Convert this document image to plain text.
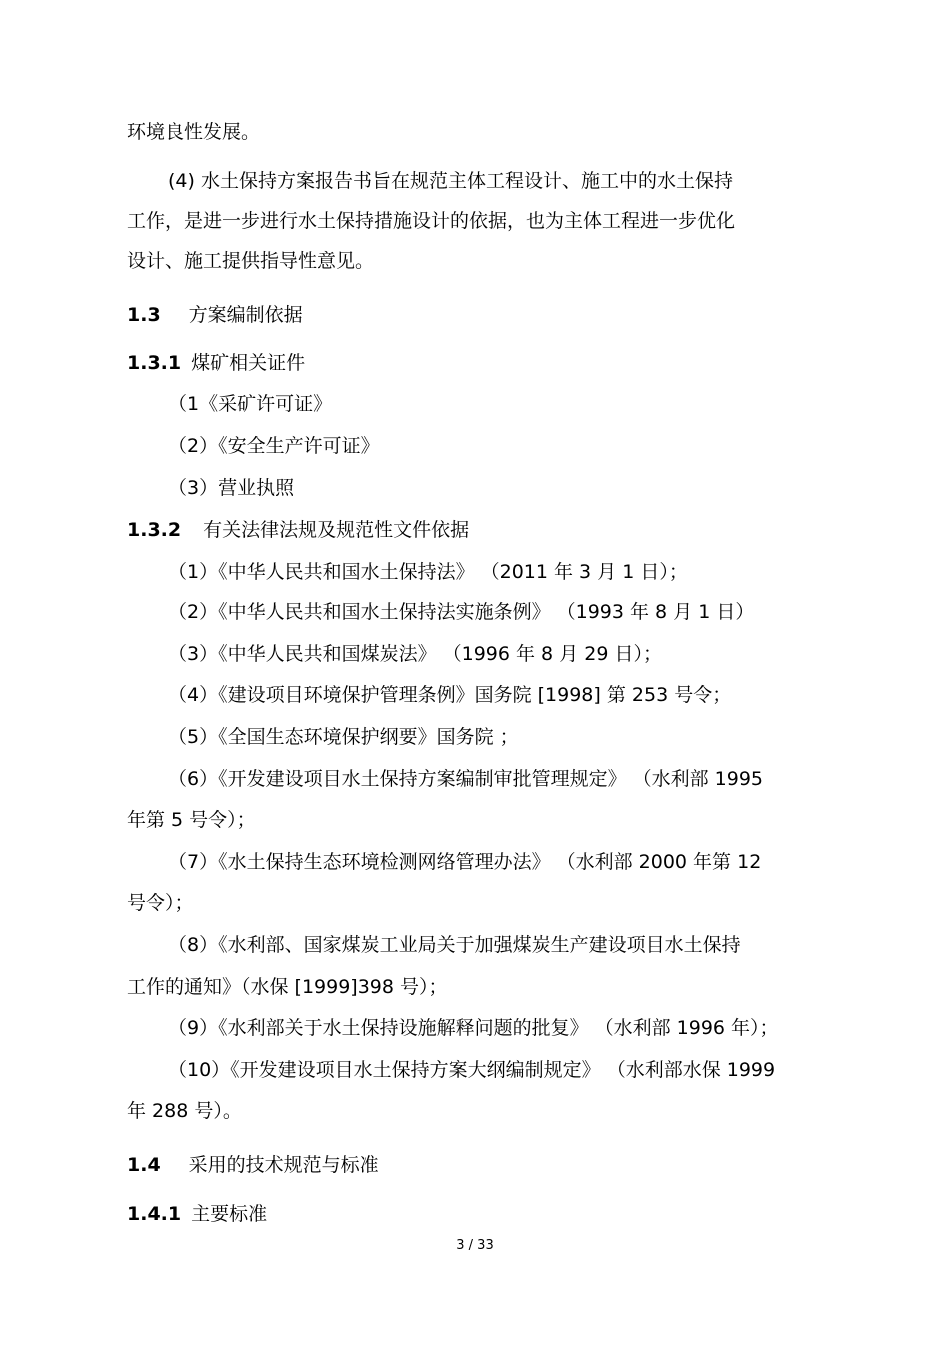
环境良性发展。
(4) 水土保持方案报告书旨在规范主体工程设计、施工中的水土保持
工作，是进一步进行水土保持措施设计的依据，也为主体工程进一步优化
设计、施工提供指导性意见。
1.3 方案编制依据
1.3.1 煤矿相关证件
（1《采矿许可证》
（2）《安全生产许可证》
（3）营业执照
1.3.2 有关法律法规及规范性文件依据
（1）《中华人民共和国水土保持法》 （2011 年 3 月 1 日）；
（2）《中华人民共和国水土保持法实施条例》 （1993 年 8 月 1 日）
（3）《中华人民共和国煤炭法》 （1996 年 8 月 29 日）；
（4）《建设项目环境保护管理条例》国务院 [1998] 第 253 号令；
（5）《全国生态环境保护纲要》国务院 ；
（6）《开发建设项目水土保持方案编制审批管理规定》 （水利部 1995
年第 5 号令）；
（7）《水土保持生态环境检测网络管理办法》 （水利部 2000 年第 12
号令）；
（8）《水利部、国家煤炭工业局关于加强煤炭生产建设项目水土保持
工作的通知》（水保 [1999]398 号）；
（9）《水利部关于水土保持设施解释问题的批复》 （水利部 1996 年）；
（10）《开发建设项目水土保持方案大纲编制规定》 （水利部水保 1999
年 288 号）。
1.4 采用的技术规范与标准
1.4.1 主要标准
3 / 33
